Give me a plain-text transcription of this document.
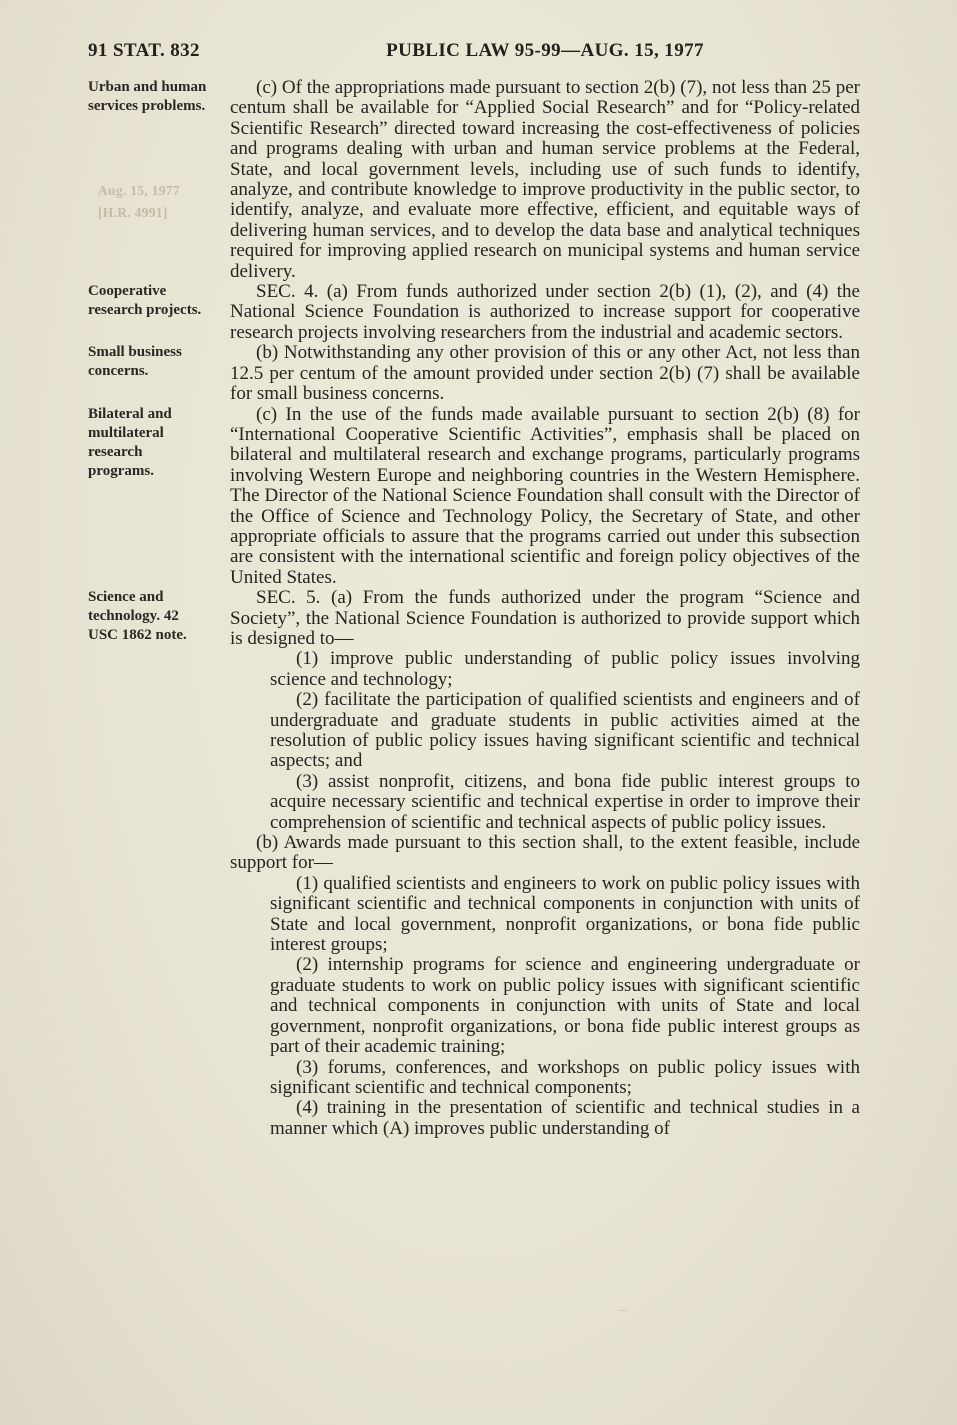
Aug. 15, 1977
[H.R. 4991]
...
91 STAT. 832	PUBLIC LAW 95-99—AUG. 15, 1977
Urban and human services problems.

(c) Of the appropriations made pursuant to section 2(b) (7), not less than 25 per centum shall be available for “Applied Social Research” and for “Policy-related Scientific Research” directed toward increasing the cost-effectiveness of policies and programs dealing with urban and human service problems at the Federal, State, and local government levels, including use of such funds to identify, analyze, and contribute knowledge to improve productivity in the public sector, to identify, analyze, and evaluate more effective, efficient, and equitable ways of delivering human services, and to develop the data base and analytical techniques required for improving applied research on municipal systems and human service delivery.

Cooperative research projects.

SEC. 4. (a) From funds authorized under section 2(b) (1), (2), and (4) the National Science Foundation is authorized to increase support for cooperative research projects involving researchers from the industrial and academic sectors.

Small business concerns.

(b) Notwithstanding any other provision of this or any other Act, not less than 12.5 per centum of the amount provided under section 2(b) (7) shall be available for small business concerns.

Bilateral and multilateral research programs.

(c) In the use of the funds made available pursuant to section 2(b) (8) for “International Cooperative Scientific Activities”, emphasis shall be placed on bilateral and multilateral research and exchange programs, particularly programs involving Western Europe and neighboring countries in the Western Hemisphere. The Director of the National Science Foundation shall consult with the Director of the Office of Science and Technology Policy, the Secretary of State, and other appropriate officials to assure that the programs carried out under this subsection are consistent with the international scientific and foreign policy objectives of the United States.

Science and technology. 42 USC 1862 note.

SEC. 5. (a) From the funds authorized under the program “Science and Society”, the National Science Foundation is authorized to provide support which is designed to—

(1) improve public understanding of public policy issues involving science and technology;

(2) facilitate the participation of qualified scientists and engineers and of undergraduate and graduate students in public activities aimed at the resolution of public policy issues having significant scientific and technical aspects; and

(3) assist nonprofit, citizens, and bona fide public interest groups to acquire necessary scientific and technical expertise in order to improve their comprehension of scientific and technical aspects of public policy issues.

(b) Awards made pursuant to this section shall, to the extent feasible, include support for—

(1) qualified scientists and engineers to work on public policy issues with significant scientific and technical components in conjunction with units of State and local government, nonprofit organizations, or bona fide public interest groups;

(2) internship programs for science and engineering undergraduate or graduate students to work on public policy issues with significant scientific and technical components in conjunction with units of State and local government, nonprofit organizations, or bona fide public interest groups as part of their academic training;

(3) forums, conferences, and workshops on public policy issues with significant scientific and technical components;

(4) training in the presentation of scientific and technical studies in a manner which (A) improves public understanding of
